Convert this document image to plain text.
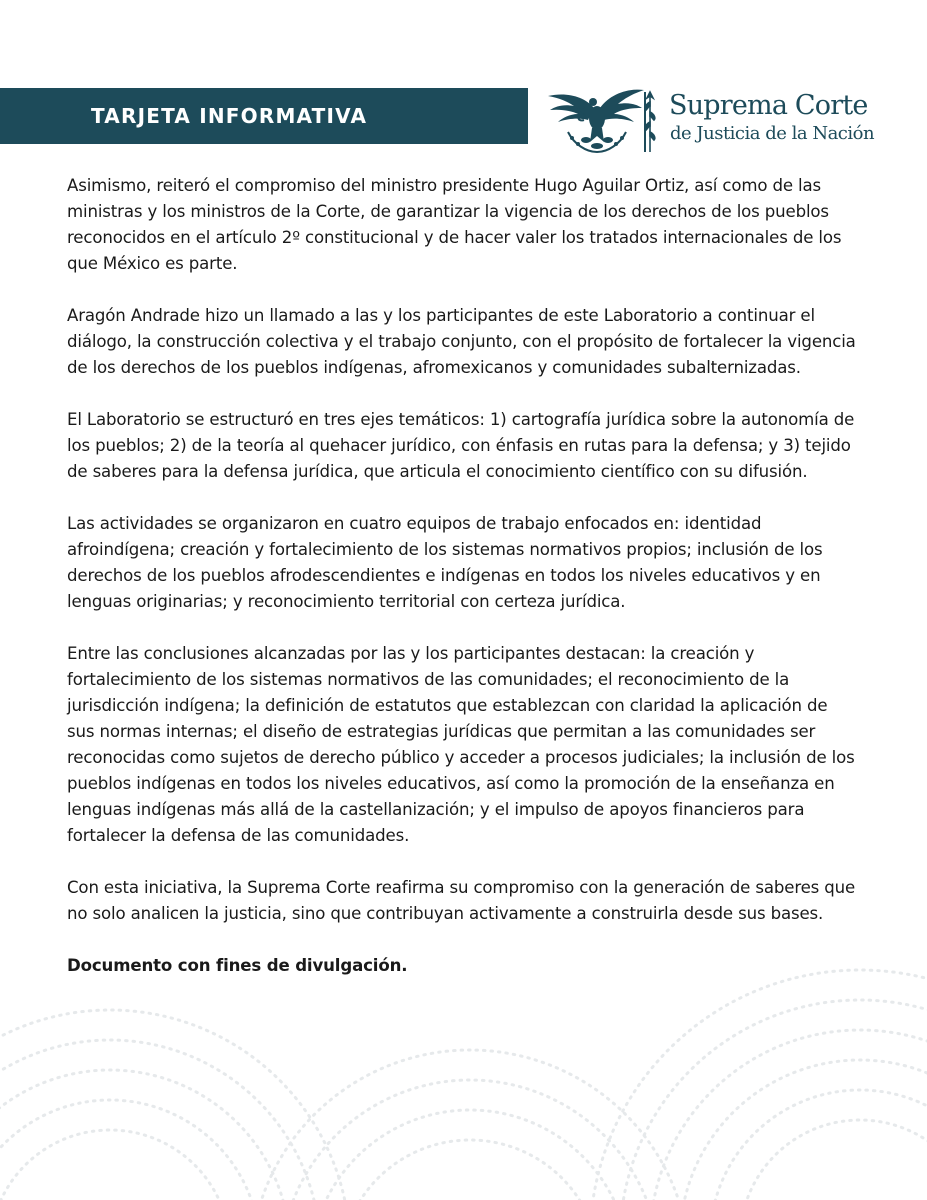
TARJETA INFORMATIVA	Suprema Corte
de Justicia de la Nación

Asimismo, reiteró el compromiso del ministro presidente Hugo Aguilar Ortiz, así como de las ministras y los ministros de la Corte, de garantizar la vigencia de los derechos de los pueblos reconocidos en el artículo 2º constitucional y de hacer valer los tratados internacionales de los que México es parte.

Aragón Andrade hizo un llamado a las y los participantes de este Laboratorio a continuar el diálogo, la construcción colectiva y el trabajo conjunto, con el propósito de fortalecer la vigencia de los derechos de los pueblos indígenas, afromexicanos y comunidades subalternizadas.

El Laboratorio se estructuró en tres ejes temáticos: 1) cartografía jurídica sobre la autonomía de los pueblos; 2) de la teoría al quehacer jurídico, con énfasis en rutas para la defensa; y 3) tejido de saberes para la defensa jurídica, que articula el conocimiento científico con su difusión.

Las actividades se organizaron en cuatro equipos de trabajo enfocados en: identidad afroindígena; creación y fortalecimiento de los sistemas normativos propios; inclusión de los derechos de los pueblos afrodescendientes e indígenas en todos los niveles educativos y en lenguas originarias; y reconocimiento territorial con certeza jurídica.

Entre las conclusiones alcanzadas por las y los participantes destacan: la creación y fortalecimiento de los sistemas normativos de las comunidades; el reconocimiento de la jurisdicción indígena; la definición de estatutos que establezcan con claridad la aplicación de sus normas internas; el diseño de estrategias jurídicas que permitan a las comunidades ser reconocidas como sujetos de derecho público y acceder a procesos judiciales; la inclusión de los pueblos indígenas en todos los niveles educativos, así como la promoción de la enseñanza en lenguas indígenas más allá de la castellanización; y el impulso de apoyos financieros para fortalecer la defensa de las comunidades.

Con esta iniciativa, la Suprema Corte reafirma su compromiso con la generación de saberes que no solo analicen la justicia, sino que contribuyan activamente a construirla desde sus bases.

Documento con fines de divulgación.
